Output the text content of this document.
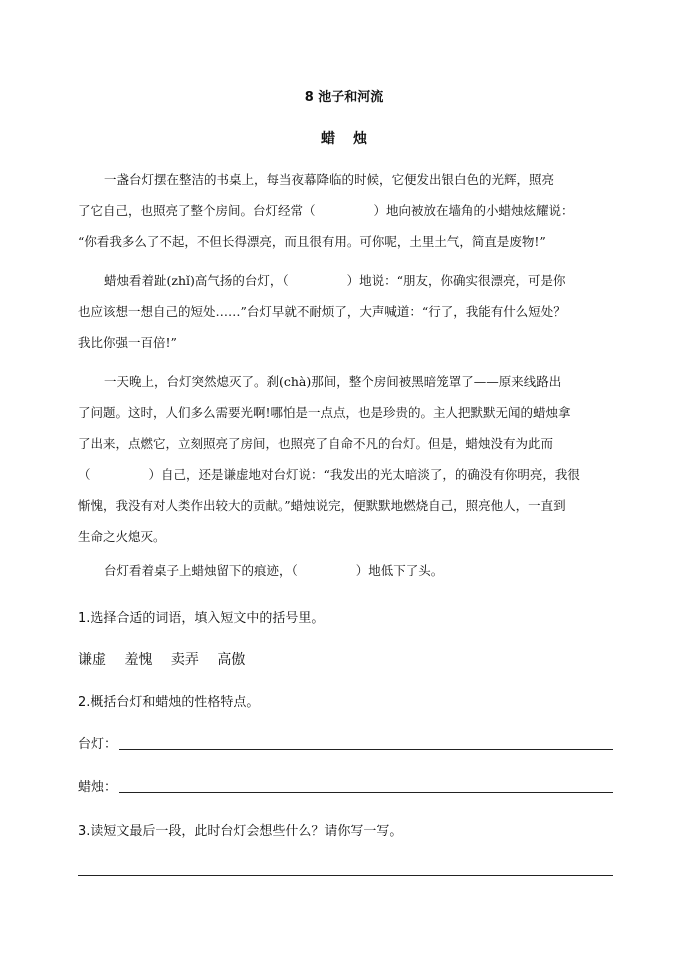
8 池子和河流
蜡烛
一盏台灯摆在整洁的书桌上，每当夜幕降临的时候，它便发出银白色的光辉，照亮
了它自己，也照亮了整个房间。台灯经常（	）地向被放在墙角的小蜡烛炫耀说：
“你看我多么了不起，不但长得漂亮，而且很有用。可你呢，土里土气，简直是废物!”
蜡烛看着趾(zhǐ)高气扬的台灯，（	）地说：“朋友，你确实很漂亮，可是你
也应该想一想自己的短处……”台灯早就不耐烦了，大声喊道：“行了，我能有什么短处？
我比你强一百倍!”
一天晚上，台灯突然熄灭了。刹(chà)那间，整个房间被黑暗笼罩了——原来线路出
了问题。这时，人们多么需要光啊!哪怕是一点点，也是珍贵的。主人把默默无闻的蜡烛拿
了出来，点燃它，立刻照亮了房间，也照亮了自命不凡的台灯。但是，蜡烛没有为此而
（	）自己，还是谦虚地对台灯说：“我发出的光太暗淡了，的确没有你明亮，我很
惭愧，我没有对人类作出较大的贡献。”蜡烛说完，便默默地燃烧自己，照亮他人，一直到
生命之火熄灭。
台灯看着桌子上蜡烛留下的痕迹，（	）地低下了头。
1.选择合适的词语，填入短文中的括号里。
谦虚 羞愧 卖弄 高傲
2.概括台灯和蜡烛的性格特点。
台灯：
蜡烛：
3.读短文最后一段，此时台灯会想些什么？请你写一写。
